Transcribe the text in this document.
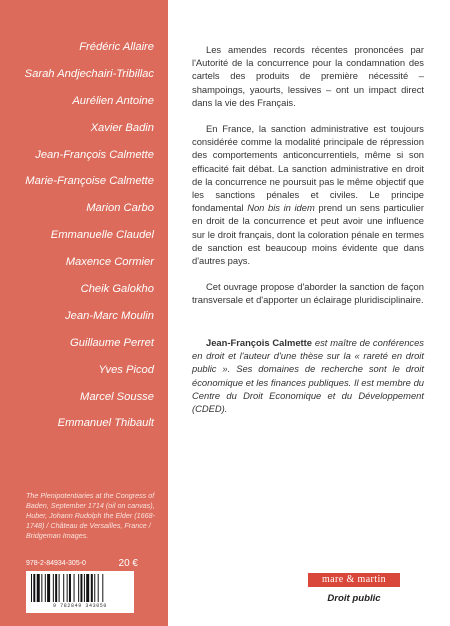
Frédéric Allaire
Sarah Andjechairi-Tribillac
Aurélien Antoine
Xavier Badin
Jean-François Calmette
Marie-Françoise Calmette
Marion Carbo
Emmanuelle Claudel
Maxence Cormier
Cheik Galokho
Jean-Marc Moulin
Guillaume Perret
Yves Picod
Marcel Sousse
Emmanuel Thibault
The Plenipotentiaries at the Congress of Baden, September 1714 (oil on canvas), Huber, Johann Rudolph the Elder (1668-1748) / Château de Versailles, France / Bridgeman Images.
978-2-84934-305-0	20 €
9 782849 343050

Les amendes records récentes prononcées par l'Autorité de la concurrence pour la condamnation des cartels des produits de première nécessité – shampoings, yaourts, lessives – ont un impact direct dans la vie des Français.

En France, la sanction administrative est toujours considérée comme la modalité principale de répression des comportements anticoncurrentiels, même si son efficacité fait débat. La sanction administrative en droit de la concurrence ne poursuit pas le même objectif que les sanctions pénales et civiles. Le principe fondamental Non bis in idem prend un sens particulier en droit de la concurrence et peut avoir une influence sur le droit français, dont la coloration pénale en termes de sanction est beaucoup moins évidente que dans d'autres pays.

Cet ouvrage propose d'aborder la sanction de façon transversale et d'apporter un éclairage pluridisciplinaire.

Jean-François Calmette est maître de conférences en droit et l'auteur d'une thèse sur la « rareté en droit public ». Ses domaines de recherche sont le droit économique et les finances publiques. Il est membre du Centre du Droit Economique et du Développement (CDED).

mare & martin
Droit public
